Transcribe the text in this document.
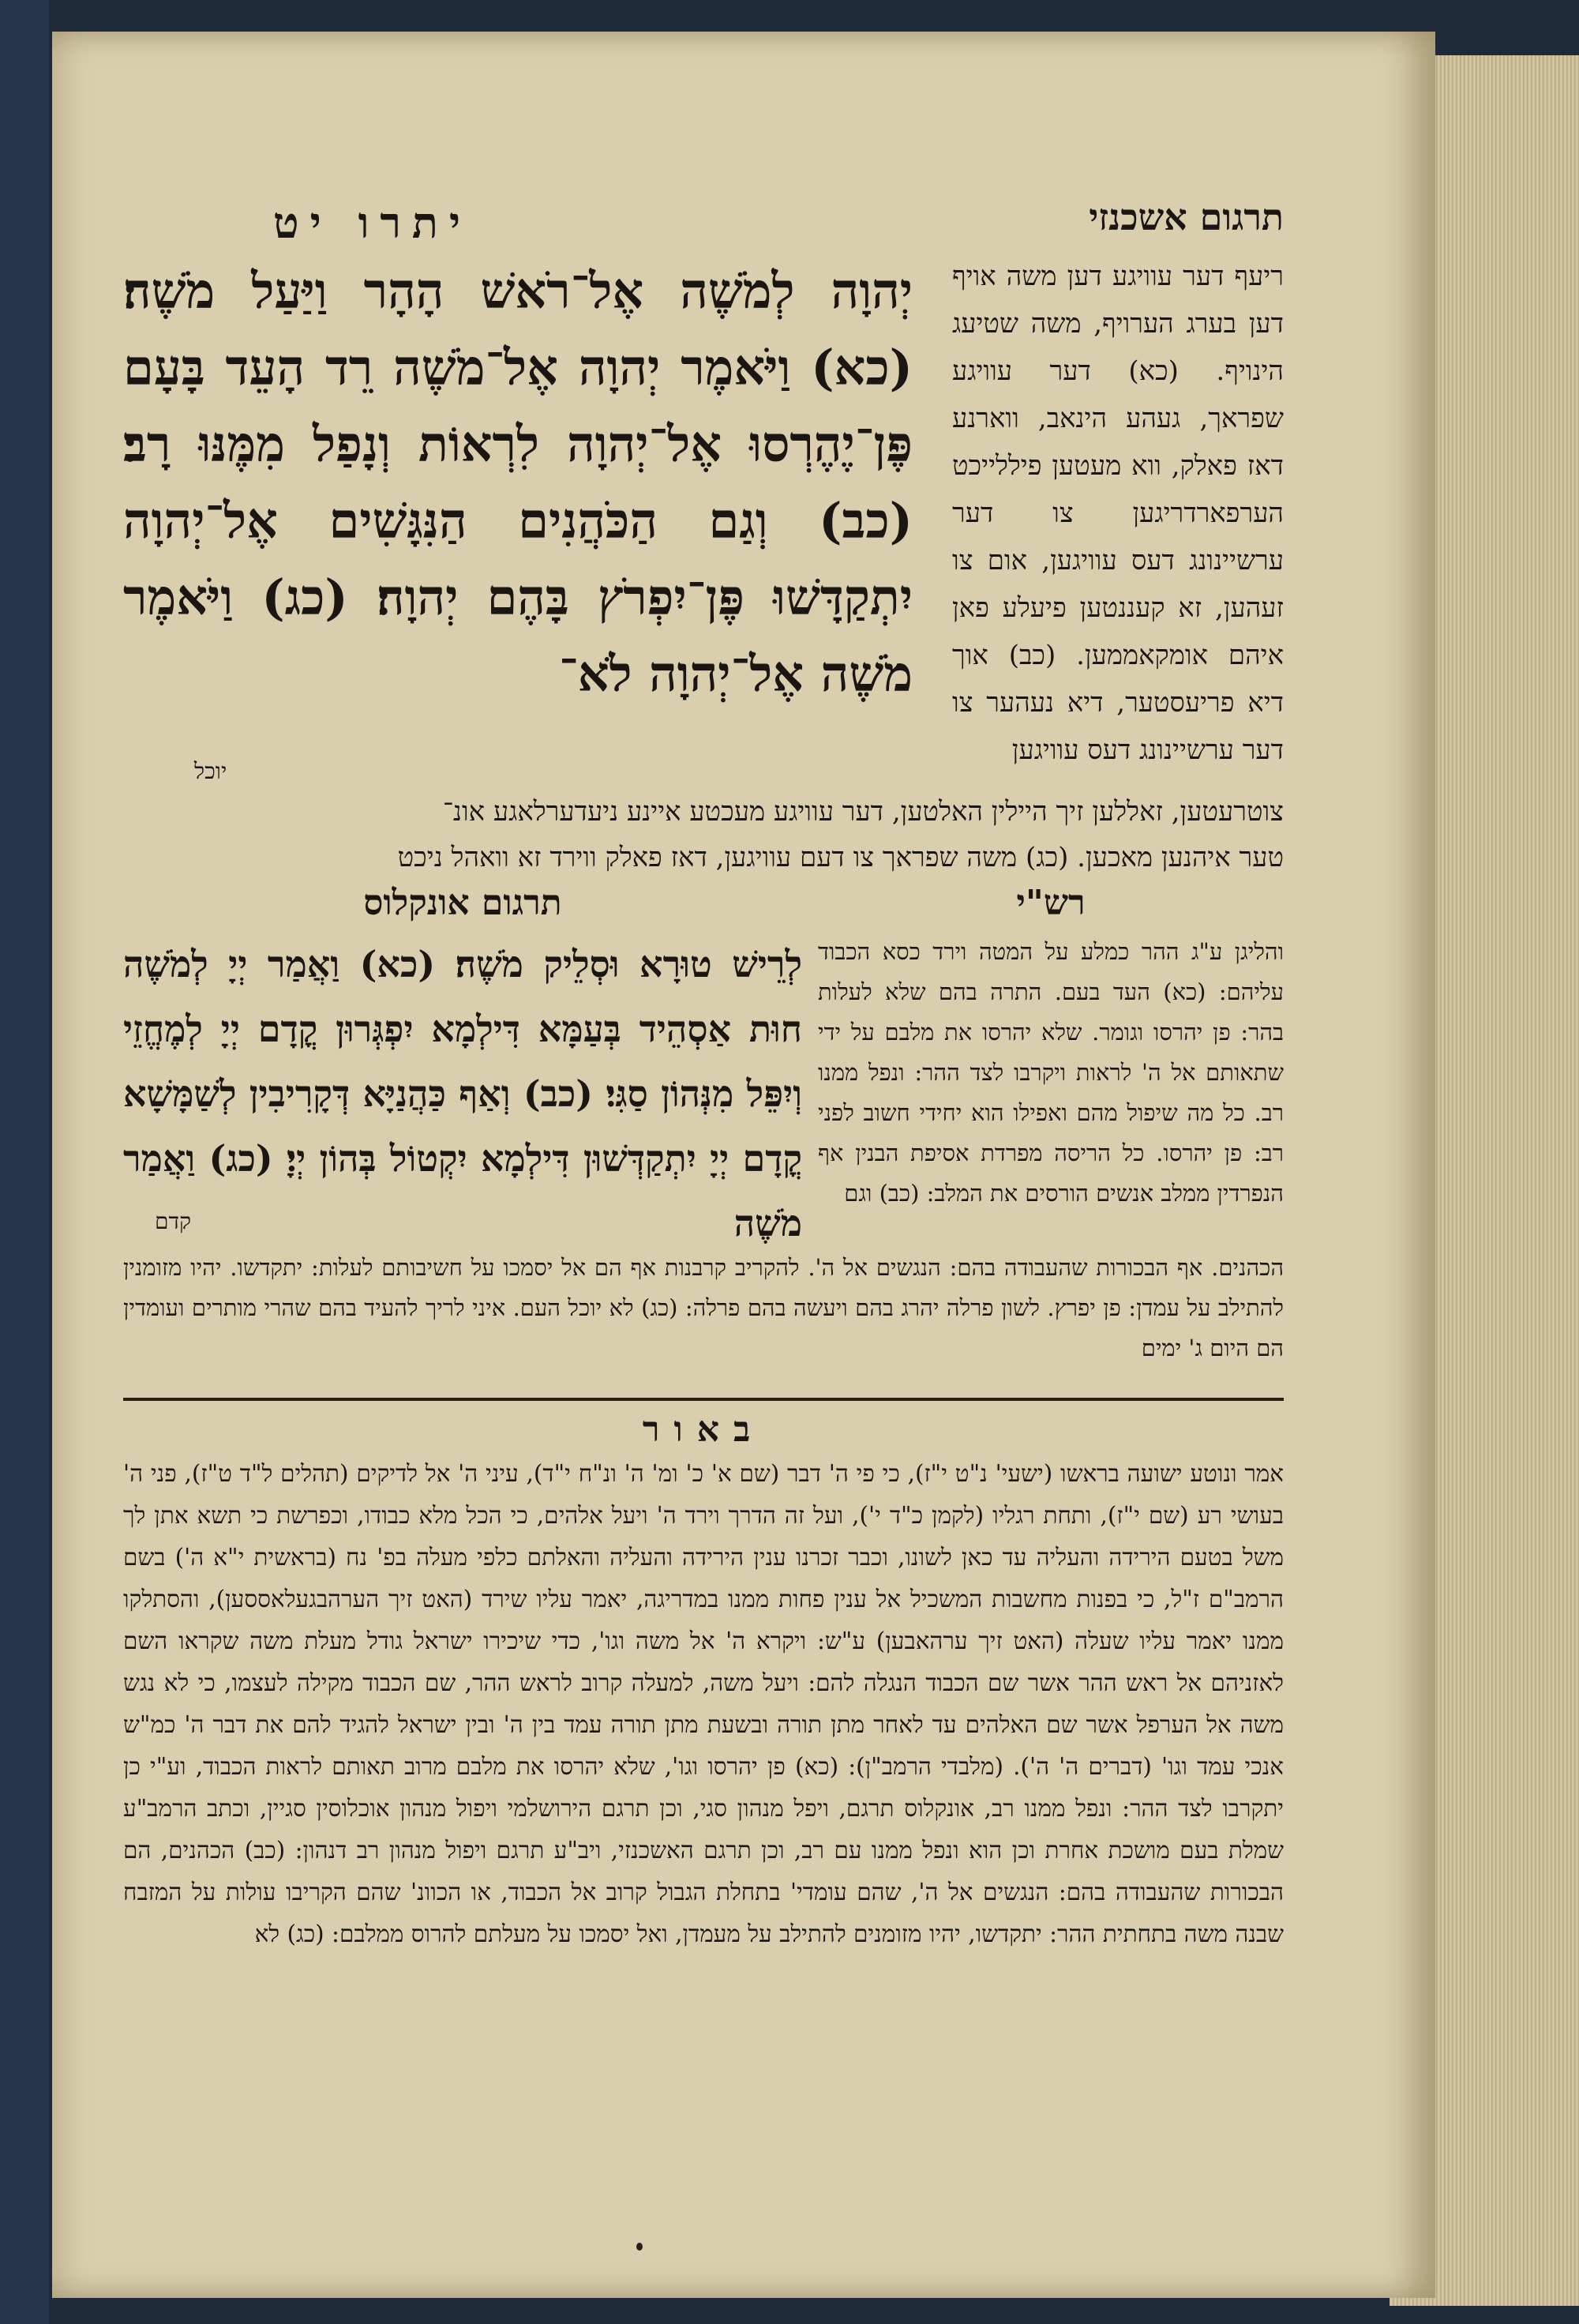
תרגום אשכנזי
יתרו יט
ריעף דער עוויגע דען משה אויף דען בערג הערויף, משה שטיעג הינויף. (כא) דער עוויגע שפראך, געהע הינאב, ווארנע דאז פאלק, ווא מעטען פיללייכט הערפארדריגען צו דער ערשיינונג דעס עוויגען, אום צו זעהען, זא קעננטען פיעלע פאן איהם אומקאממען. (כב) אוך דיא פריעסטער, דיא נעהער צו דער ערשיינונג דעס עוויגען
יְהוָה לְמֹשֶׁה אֶל־רֹאשׁ הָהָר וַיַּעַל מֹשֶׁה׃ (כא) וַיֹּאמֶר יְהוָה אֶל־מֹשֶׁה רֵד הָעֵד בָּעָם פֶּן־יֶהֶרְסוּ אֶל־יְהוָה לִרְאוֹת וְנָפַל מִמֶּנּוּ רָב׃ (כב) וְגַם הַכֹּהֲנִים הַנִּגָּשִׁים אֶל־יְהוָה יִתְקַדָּשׁוּ פֶּן־יִפְרֹץ בָּהֶם יְהוָה׃ (כג) וַיֹּאמֶר מֹשֶׁה אֶל־יְהוָה לֹא־
יוכל
צוטרעטען, זאללען זיך היילין האלטען, דער עוויגע מעכטע איינע ניעדערלאגע אונ־
טער איהנען מאכען. (כג) משה שפראך צו דעם עוויגען, דאז פאלק ווירד זא וואהל ניכט
תרגום אונקלוס	רש"י
והליגן ע"ג ההר כמלע על המטה וירד כסא הכבוד עליהם: (כא) העד בעם. התרה בהם שלא לעלות בהר: פן יהרסו וגומר. שלא יהרסו את מלבם על ידי שתאותם אל ה' לראות ויקרבו לצד ההר: ונפל ממנו רב. כל מה שיפול מהם ואפילו הוא יחידי חשוב לפני רב: פן יהרסו. כל הריסה מפרדת אסיפת הבנין אף הנפרדין ממלב אנשים הורסים את המלב: (כב) וגם
לְרֵישׁ טוּרָא וּסְלֵיק מֹשֶׁה׃ (כא) וַאֲמַר יְיָ לְמֹשֶׁה חוּת אַסְהֵיד בְּעַמָּא דִּילְמָא יִפְגְּרוּן קֳדָם יְיָ לְמֶחֱזֵי וְיִפֵּל מִנְּהוֹן סַגִּי׃ (כב) וְאַף כַּהֲנַיָּא דְּקָרִיבִין לְשַׁמָּשָׁא קֳדָם יְיָ יִתְקַדְּשׁוּן דִּילְמָא יִקְטוֹל בְּהוֹן יְיָ׃ (כג) וַאֲמַר מֹשֶׁה
קדם
הכהנים. אף הבכורות שהעבודה בהם: הנגשים אל ה'. להקריב קרבנות אף הם אל יסמכו על חשיבותם לעלות: יתקדשו. יהיו מזומנין להתילב על עמדן: פן יפרץ. לשון פרלה יהרג בהם ויעשה בהם פרלה: (כג) לא יוכל העם. איני לריך להעיד בהם שהרי מותרים ועומדין הם היום ג' ימים
באור
אמר ונוטע ישועה בראשו (ישעי' נ"ט י"ז), כי פי ה' דבר (שם א' כ' ומ' ה' ונ"ח י"ד), עיני ה' אל לדיקים (תהלים ל"ד ט"ז), פני ה' בעושי רע (שם י"ז), ותחת רגליו (לקמן כ"ד י'), ועל זה הדרך וירד ה' ויעל אלהים, כי הכל מלא כבודו, וכפרשת כי תשא אתן לך משל בטעם הירידה והעליה עד כאן לשונו, וכבר זכרנו ענין הירידה והעליה והאלתם כלפי מעלה בפ' נח (בראשית י"א ה') בשם הרמב"ם ז"ל, כי בפנות מחשבות המשכיל אל ענין פחות ממנו במדריגה, יאמר עליו שירד (האט זיך הערהבגעלאססען), והסתלקו ממנו יאמר עליו שעלה (האט זיך ערהאבען) ע"ש: ויקרא ה' אל משה וגו', כדי שיכירו ישראל גודל מעלת משה שקראו השם לאזניהם אל ראש ההר אשר שם הכבוד הנגלה להם: ויעל משה, למעלה קרוב לראש ההר, שם הכבוד מקילה לעצמו, כי לא נגש משה אל הערפל אשר שם האלהים עד לאחר מתן תורה ובשעת מתן תורה עמד בין ה' ובין ישראל להגיד להם את דבר ה' כמ"ש אנכי עמד וגו' (דברים ה' ה'). (מלבדי הרמב"ן): (כא) פן יהרסו וגו', שלא יהרסו את מלבם מרוב תאותם לראות הכבוד, וע"י כן יתקרבו לצד ההר: ונפל ממנו רב, אונקלוס תרגם, ויפל מנהון סגי, וכן תרגם הירושלמי ויפול מנהון אוכלוסין סגיין, וכתב הרמב"ע שמלת בעם מושכת אחרת וכן הוא ונפל ממנו עם רב, וכן תרגם האשכנזי, ויב"ע תרגם ויפול מנהון רב דנהון: (כב) הכהנים, הם הבכורות שהעבודה בהם: הנגשים אל ה', שהם עומדי' בתחלת הגבול קרוב אל הכבוד, או הכוונ' שהם הקריבו עולות על המזבח שבנה משה בתחתית ההר: יתקדשו, יהיו מזומנים להתילב על מעמדן, ואל יסמכו על מעלתם להרוס ממלבם: (כג) לא
